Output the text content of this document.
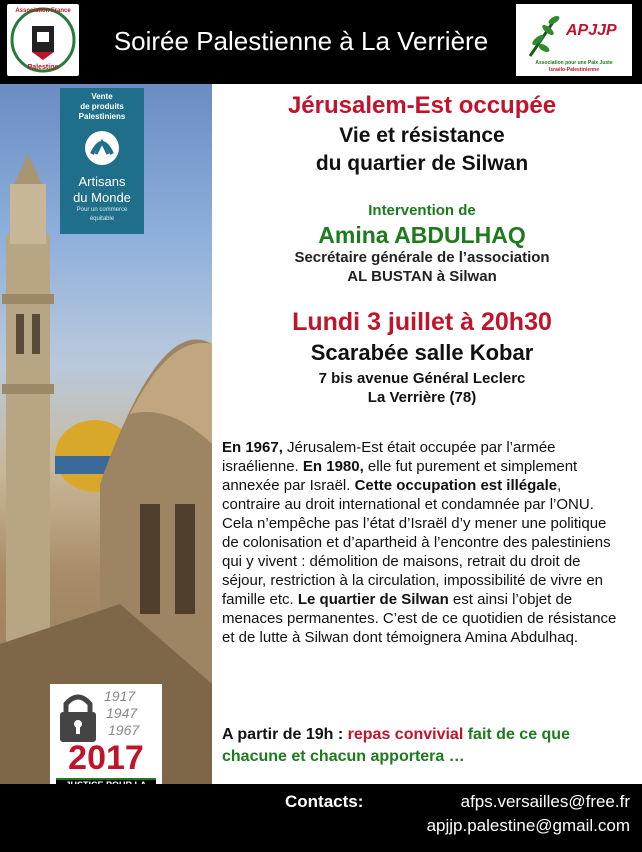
Association France
Palestine
Soirée Palestienne à La Verrière	APJJP
Association pour une Paix Juste
Israélo-Palestinienne
Vente
de produits
Palestiniens
Artisans
du Monde
Pour un commerce
équitable
1917
1947
1967
2017
Jérusalem-Est occupée
Vie et résistance
du quartier de Silwan
Intervention de
Amina ABDULHAQ
Secrétaire générale de l’association
AL BUSTAN à Silwan
Lundi 3 juillet à 20h30
Scarabée salle Kobar
7 bis avenue Général Leclerc
La Verrière (78)
En 1967, Jérusalem-Est était occupée par l’armée israélienne. En 1980, elle fut purement et simplement annexée par Israël. Cette occupation est illégale, contraire au droit international et condamnée par l’ONU. Cela n’empêche pas l’état d’Israël d’y mener une politique de colonisation et d’apartheid à l’encontre des palestiniens qui y vivent : démolition de maisons, retrait du droit de séjour, restriction à la circulation, impossibilité de vivre en famille etc. Le quartier de Silwan est ainsi l’objet de menaces permanentes. C’est de ce quotidien de résistance et de lutte à Silwan dont témoignera Amina Abdulhaq.
A partir de 19h : repas convivial fait de ce que chacune et chacun apportera …
Contacts:	afps.versailles@free.fr
apjjp.palestine@gmail.com
